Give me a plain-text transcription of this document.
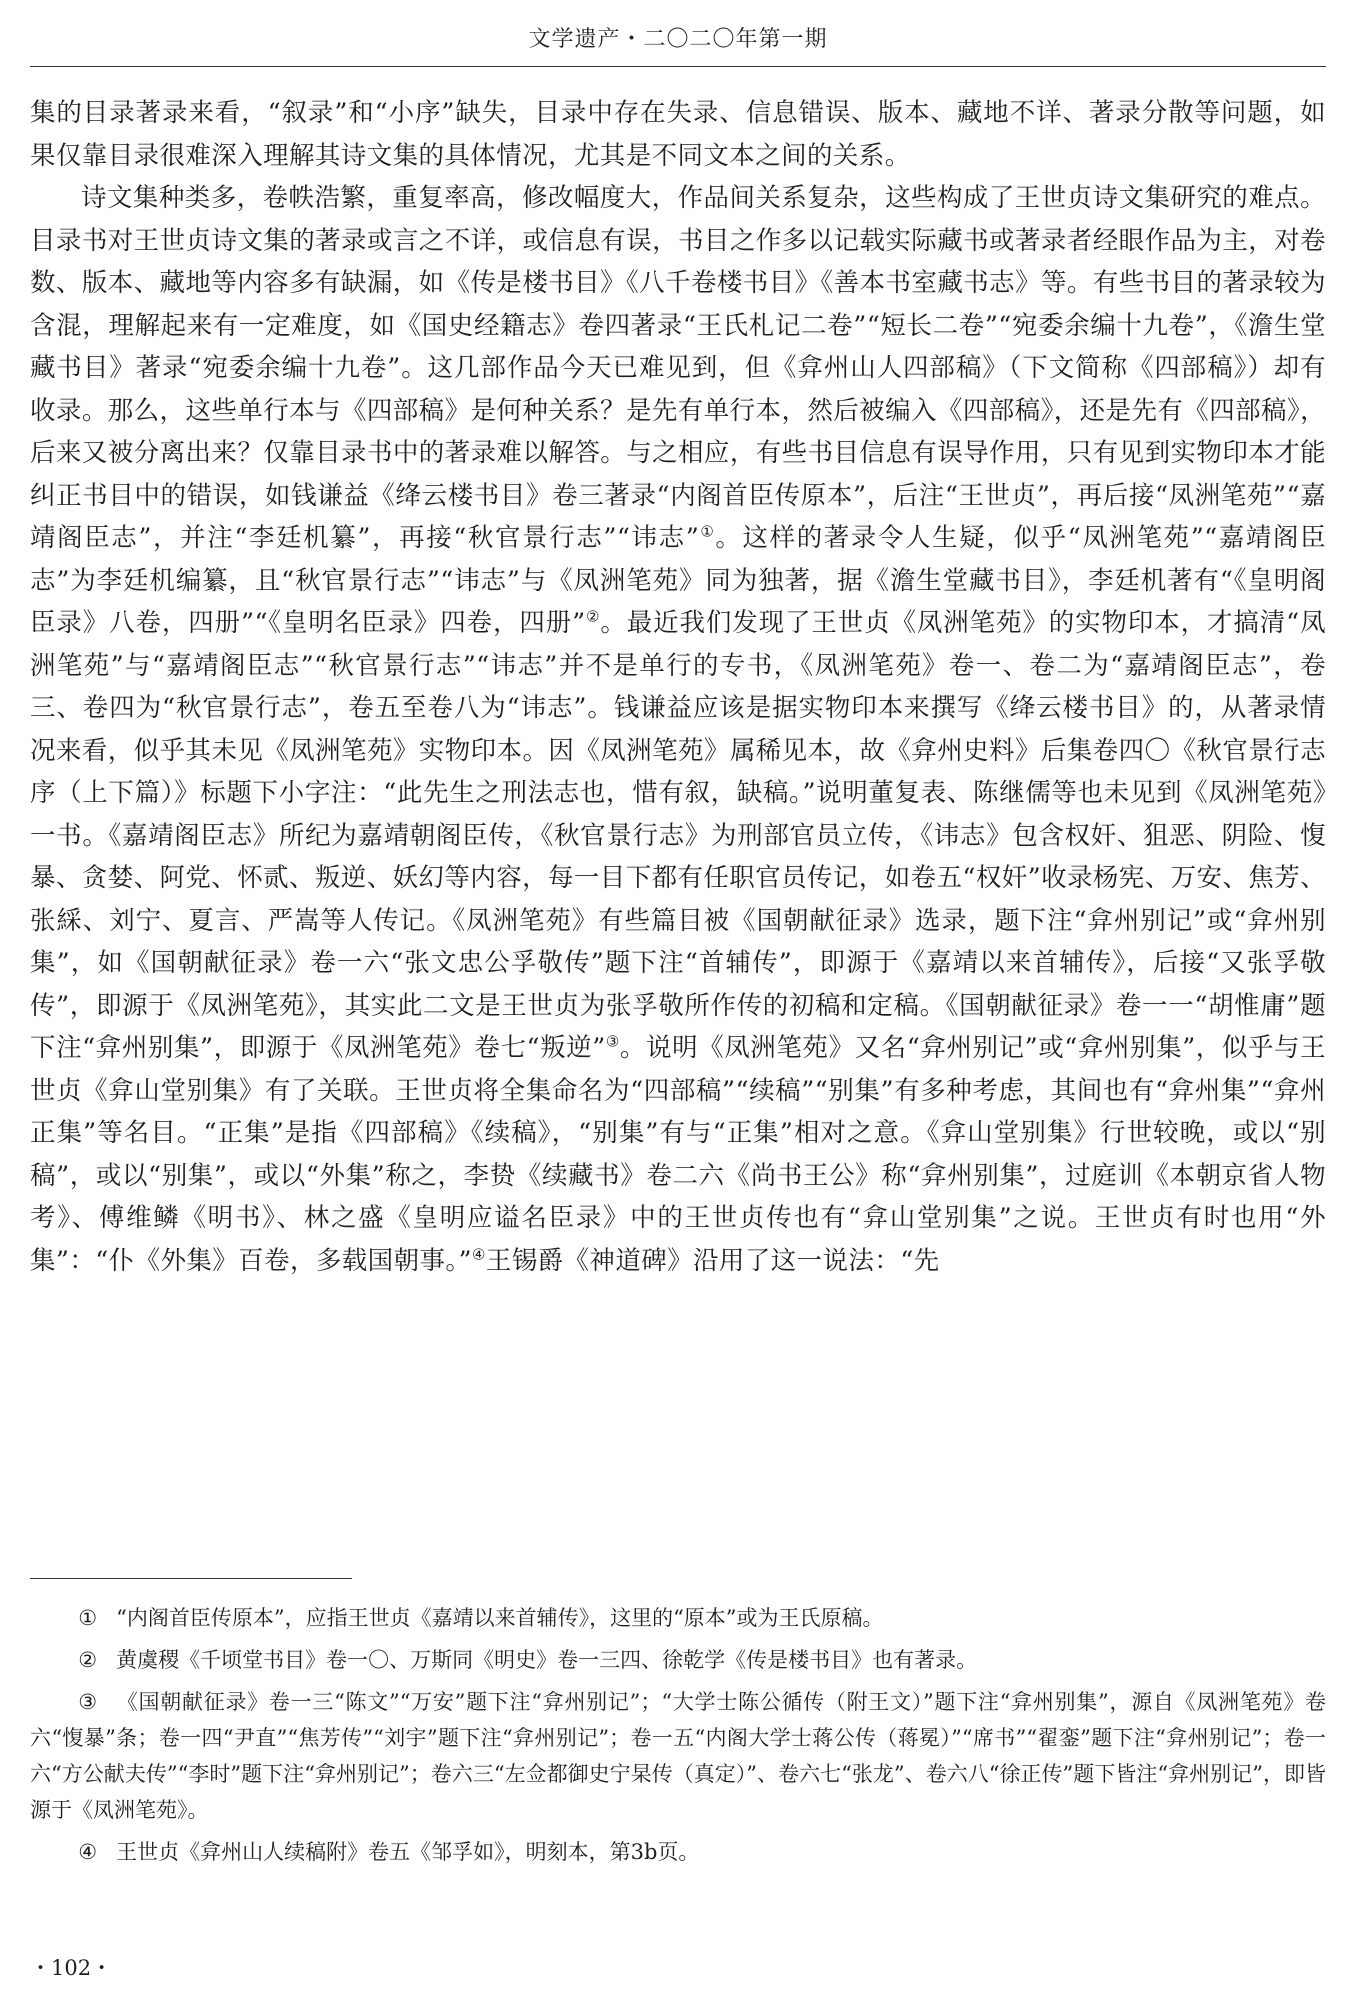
文学遗产・二〇二〇年第一期

集的目录著录来看，“叙录”和“小序”缺失，目录中存在失录、信息错误、版本、藏地不详、著录分散等问题，如果仅靠目录很难深入理解其诗文集的具体情况，尤其是不同文本之间的关系。

诗文集种类多，卷帙浩繁，重复率高，修改幅度大，作品间关系复杂，这些构成了王世贞诗文集研究的难点。目录书对王世贞诗文集的著录或言之不详，或信息有误，书目之作多以记载实际藏书或著录者经眼作品为主，对卷数、版本、藏地等内容多有缺漏，如《传是楼书目》《八千卷楼书目》《善本书室藏书志》等。有些书目的著录较为含混，理解起来有一定难度，如《国史经籍志》卷四著录“王氏札记二卷”“短长二卷”“宛委余编十九卷”，《澹生堂藏书目》著录“宛委余编十九卷”。这几部作品今天已难见到，但《弇州山人四部稿》（下文简称《四部稿》）却有收录。那么，这些单行本与《四部稿》是何种关系？是先有单行本，然后被编入《四部稿》，还是先有《四部稿》，后来又被分离出来？仅靠目录书中的著录难以解答。与之相应，有些书目信息有误导作用，只有见到实物印本才能纠正书目中的错误，如钱谦益《绛云楼书目》卷三著录“内阁首臣传原本”，后注“王世贞”，再后接“凤洲笔苑”“嘉靖阁臣志”，并注“李廷机纂”，再接“秋官景行志”“讳志”①。这样的著录令人生疑，似乎“凤洲笔苑”“嘉靖阁臣志”为李廷机编纂，且“秋官景行志”“讳志”与《凤洲笔苑》同为独著，据《澹生堂藏书目》，李廷机著有“《皇明阁臣录》八卷，四册”“《皇明名臣录》四卷，四册”②。最近我们发现了王世贞《凤洲笔苑》的实物印本，才搞清“凤洲笔苑”与“嘉靖阁臣志”“秋官景行志”“讳志”并不是单行的专书，《凤洲笔苑》卷一、卷二为“嘉靖阁臣志”，卷三、卷四为“秋官景行志”，卷五至卷八为“讳志”。钱谦益应该是据实物印本来撰写《绛云楼书目》的，从著录情况来看，似乎其未见《凤洲笔苑》实物印本。因《凤洲笔苑》属稀见本，故《弇州史料》后集卷四〇《秋官景行志序（上下篇）》标题下小字注：“此先生之刑法志也，惜有叙，缺稿。”说明董复表、陈继儒等也未见到《凤洲笔苑》一书。《嘉靖阁臣志》所纪为嘉靖朝阁臣传，《秋官景行志》为刑部官员立传，《讳志》包含权奸、狙恶、阴险、愎暴、贪婪、阿党、怀贰、叛逆、妖幻等内容，每一目下都有任职官员传记，如卷五“权奸”收录杨宪、万安、焦芳、张綵、刘宁、夏言、严嵩等人传记。《凤洲笔苑》有些篇目被《国朝献征录》选录，题下注“弇州别记”或“弇州别集”，如《国朝献征录》卷一六“张文忠公孚敬传”题下注“首辅传”，即源于《嘉靖以来首辅传》，后接“又张孚敬传”，即源于《凤洲笔苑》，其实此二文是王世贞为张孚敬所作传的初稿和定稿。《国朝献征录》卷一一“胡惟庸”题下注“弇州别集”，即源于《凤洲笔苑》卷七“叛逆”③。说明《凤洲笔苑》又名“弇州别记”或“弇州别集”，似乎与王世贞《弇山堂别集》有了关联。王世贞将全集命名为“四部稿”“续稿”“别集”有多种考虑，其间也有“弇州集”“弇州正集”等名目。“正集”是指《四部稿》《续稿》，“别集”有与“正集”相对之意。《弇山堂别集》行世较晚，或以“别稿”，或以“别集”，或以“外集”称之，李贽《续藏书》卷二六《尚书王公》称“弇州别集”，过庭训《本朝京省人物考》、傅维鳞《明书》、林之盛《皇明应谥名臣录》中的王世贞传也有“弇山堂别集”之说。王世贞有时也用“外集”：“仆《外集》百卷，多载国朝事。”④王锡爵《神道碑》沿用了这一说法：“先

① “内阁首臣传原本”，应指王世贞《嘉靖以来首辅传》，这里的“原本”或为王氏原稿。

② 黄虞稷《千顷堂书目》卷一〇、万斯同《明史》卷一三四、徐乾学《传是楼书目》也有著录。

③ 《国朝献征录》卷一三“陈文”“万安”题下注“弇州别记”；“大学士陈公循传（附王文）”题下注“弇州别集”，源自《凤洲笔苑》卷六“愎暴”条；卷一四“尹直”“焦芳传”“刘宇”题下注“弇州别记”；卷一五“内阁大学士蒋公传（蒋冕）”“席书”“翟銮”题下注“弇州别记”；卷一六“方公献夫传”“李时”题下注“弇州别记”；卷六三“左佥都御史宁杲传（真定）”、卷六七“张龙”、卷六八“徐正传”题下皆注“弇州别记”，即皆源于《凤洲笔苑》。

④ 王世贞《弇州山人续稿附》卷五《邹孚如》，明刻本，第3b页。

・102・
